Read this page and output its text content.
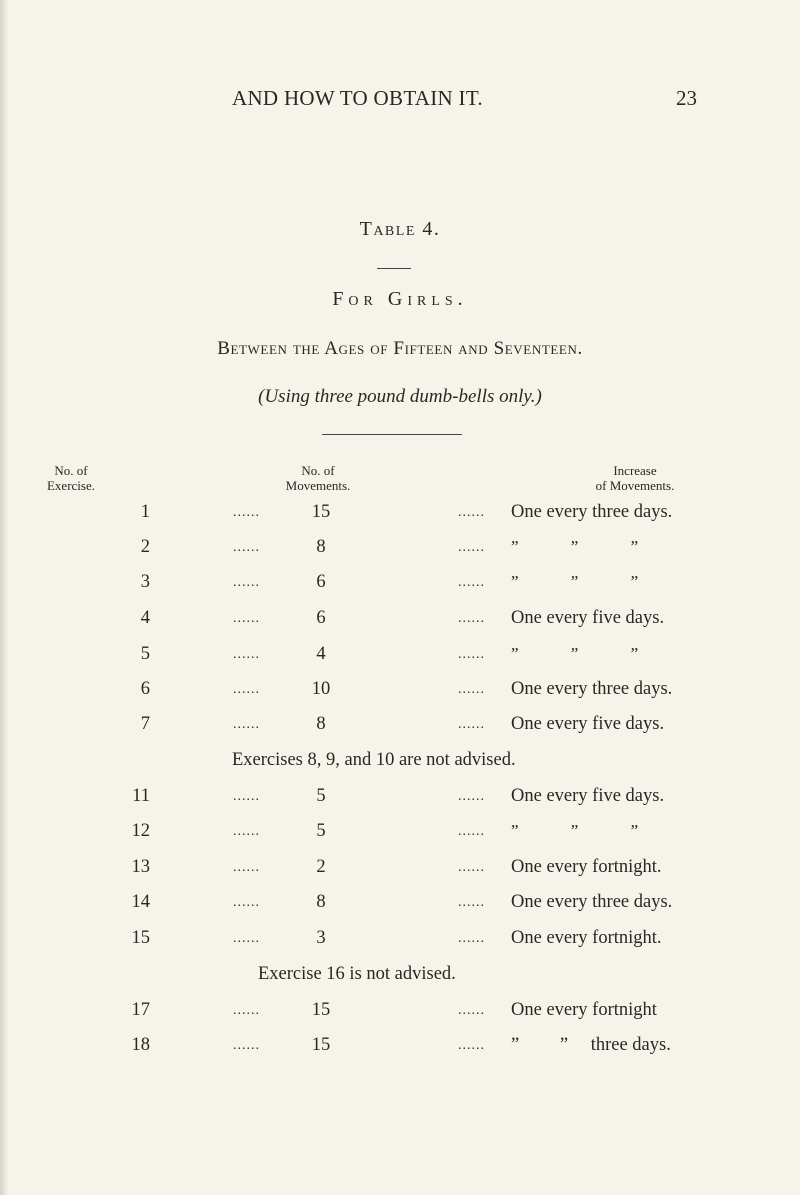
AND HOW TO OBTAIN IT.	23
Table 4.
For Girls.
Between the Ages of Fifteen and Seventeen.
(Using three pound dumb-bells only.)
No. of
Exercise.
No. of
Movements.
Increase
of Movements.
1	......	15	...... One every three days.
2	......	8	...... ” ” ”
3	......	6	...... ” ” ”
4	......	6	...... One every five days.
5	......	4	...... ” ” ”
6	......	10	...... One every three days.
7	......	8	...... One every five days.
Exercises 8, 9, and 10 are not advised.
11	......	5	...... One every five days.
12	......	5	...... ” ” ”
13	......	2	...... One every fortnight.
14	......	8	...... One every three days.
15	......	3	...... One every fortnight.
Exercise 16 is not advised.
17	......	15	...... One every fortnight
18	......	15	...... ” ” three days.
